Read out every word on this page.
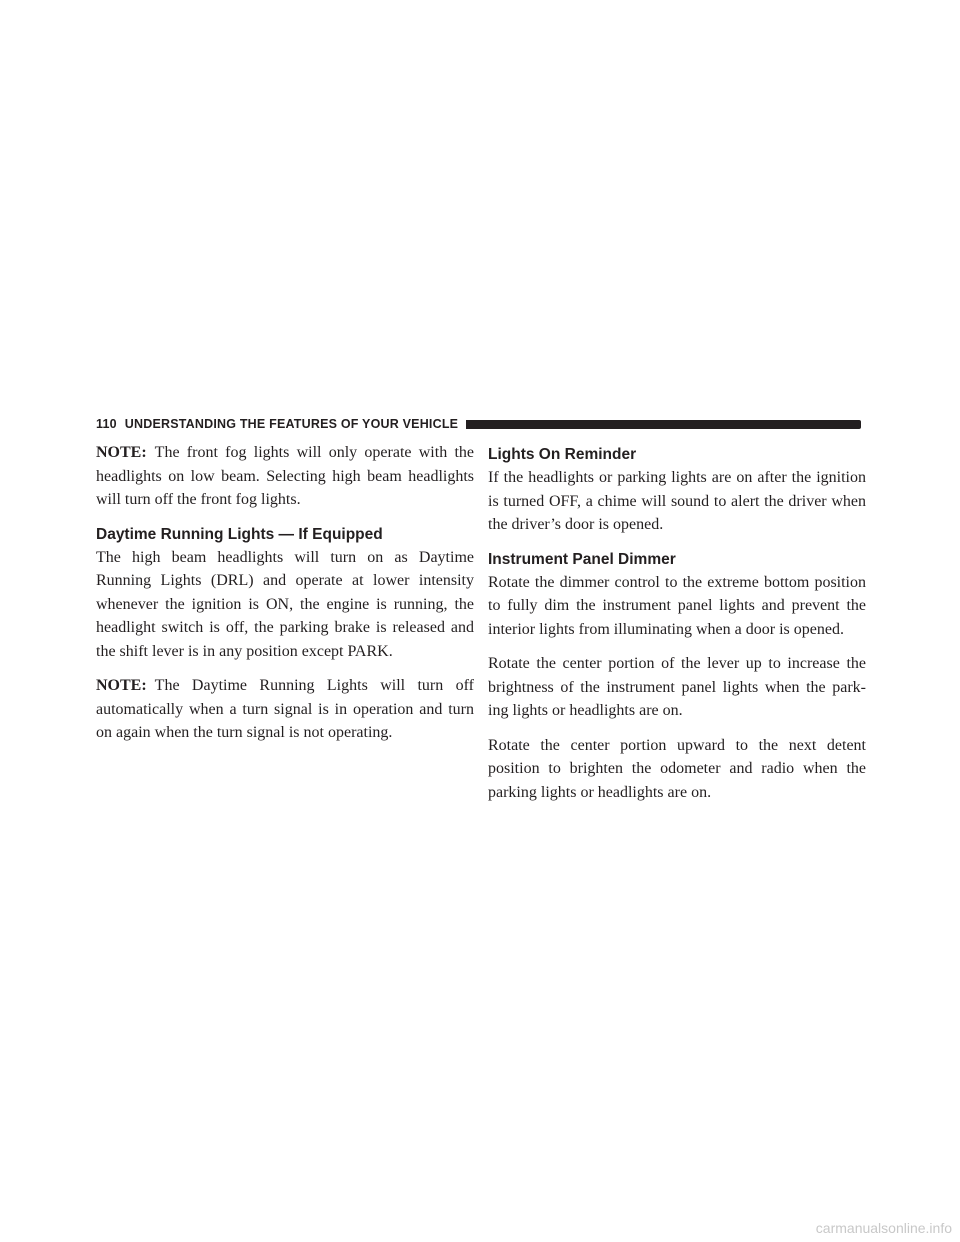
110 UNDERSTANDING THE FEATURES OF YOUR VEHICLE

NOTE: The front fog lights will only operate with the headlights on low beam. Selecting high beam headlights will turn off the front fog lights.

Daytime Running Lights — If Equipped

The high beam headlights will turn on as Daytime Running Lights (DRL) and operate at lower intensity whenever the ignition is ON, the engine is running, the headlight switch is off, the parking brake is released and the shift lever is in any position except PARK.

NOTE: The Daytime Running Lights will turn off automatically when a turn signal is in operation and turn on again when the turn signal is not operating.

Lights On Reminder

If the headlights or parking lights are on after the ignition is turned OFF, a chime will sound to alert the driver when the driver’s door is opened.

Instrument Panel Dimmer

Rotate the dimmer control to the extreme bottom position to fully dim the instrument panel lights and prevent the interior lights from illuminating when a door is opened.

Rotate the center portion of the lever up to increase the brightness of the instrument panel lights when the park- ing lights or headlights are on.

Rotate the center portion upward to the next detent position to brighten the odometer and radio when the parking lights or headlights are on.

carmanualsonline.info
